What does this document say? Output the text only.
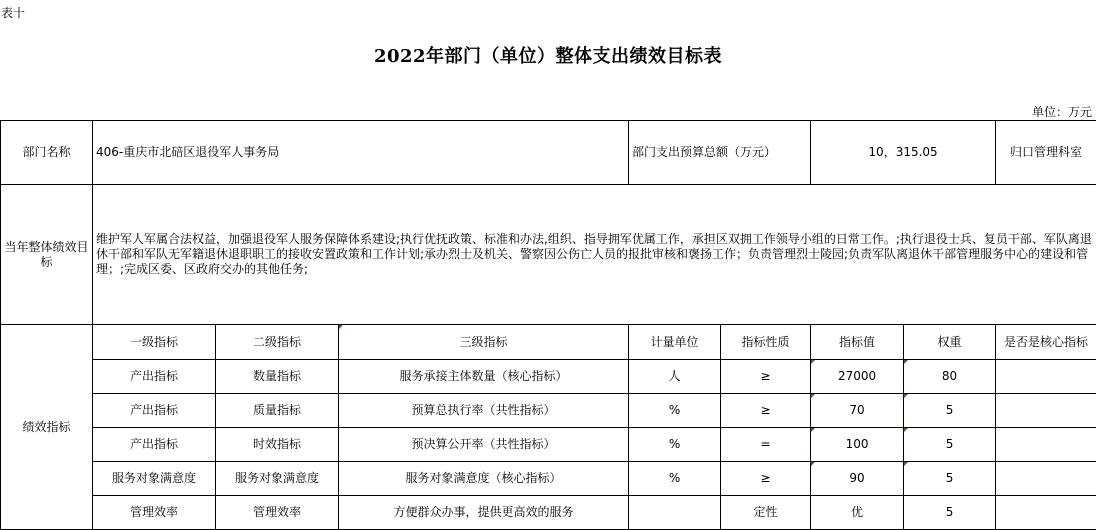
表十
2022年部门（单位）整体支出绩效目标表
单位：万元
部门名称	406-重庆市北碚区退役军人事务局			部门支出预算总额（万元）		10，315.05		归口管理科室	
当年整体绩效目标	维护军人军属合法权益，加强退役军人服务保障体系建设;执行优抚政策、标准和办法,组织、指导拥军优属工作，承担区双拥工作领导小组的日常工作。;执行退役士兵、复员干部、军队离退休干部和军队无军籍退休退职职工的接收安置政策和工作计划;承办烈士及机关、警察因公伤亡人员的报批审核和褒扬工作；负责管理烈士陵园;负责军队离退休干部管理服务中心的建设和管理；;完成区委、区政府交办的其他任务;								
绩效指标	一级指标	二级指标	三级指标	计量单位	指标性质	指标值	权重	是否是核心指标	
	产出指标	数量指标	服务承接主体数量（核心指标）	人	≥	27000	80		
	产出指标	质量指标	预算总执行率（共性指标）	%	≥	70	5		
	产出指标	时效指标	预决算公开率（共性指标）	%	=	100	5		
	服务对象满意度	服务对象满意度	服务对象满意度（核心指标）	%	≥	90	5		
	管理效率	管理效率	方便群众办事，提供更高效的服务		定性	优	5		
